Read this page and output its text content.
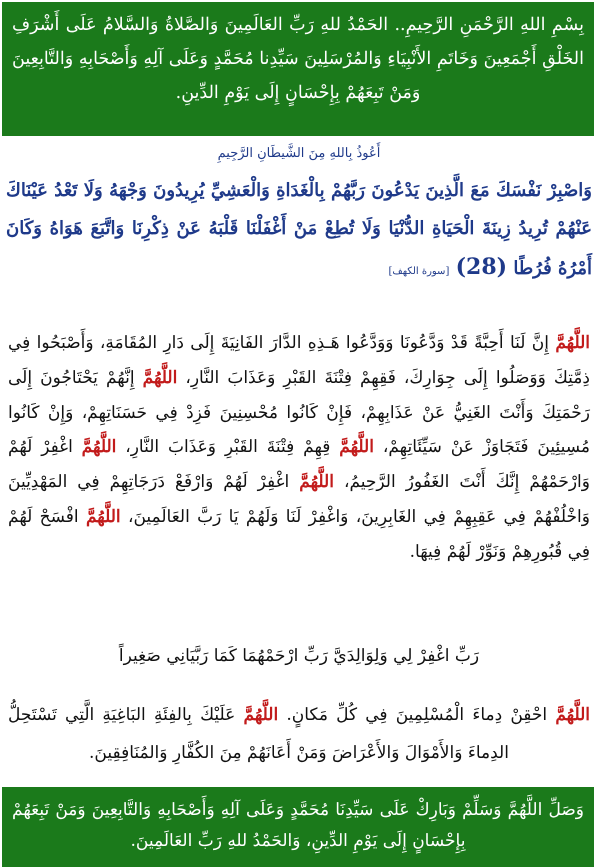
بِسْمِ اللهِ الرَّحْمَنِ الرَّحِيمِ.. الحَمْدُ للهِ رَبِّ العَالَمِينَ وَالصَّلاةُ وَالسَّلامُ عَلَى أَشْرَفِ الخَلْقِ أَجْمَعِينَ وَخَاتَمِ الأَنْبِيَاءِ وَالمُرْسَلِينَ سَيِّدِنا مُحَمَّدٍ وَعَلَى آلِهِ وَأَصْحَابِهِ وَالتَّابِعِينَ وَمَنْ تَبِعَهُمْ بِإِحْسَانٍ إِلَى يَوْمِ الدِّينِ.
أَعُوذُ بِاللهِ مِنَ الشَّيطَانِ الرَّجِيمِ
وَاصْبِرْ نَفْسَكَ مَعَ الَّذِينَ يَدْعُونَ رَبَّهُمْ بِالْغَدَاةِ وَالْعَشِيِّ يُرِيدُونَ وَجْهَهُ وَلَا تَعْدُ عَيْنَاكَ عَنْهُمْ تُرِيدُ زِينَةَ الْحَيَاةِ الدُّنْيَا وَلَا تُطِعْ مَنْ أَغْفَلْنَا قَلْبَهُ عَنْ ذِكْرِنَا وَاتَّبَعَ هَوَاهُ وَكَانَ أَمْرُهُ فُرُطًا (28) [سورة الكهف]
اللَّهُمَّ إِنَّ لَنَا أَحِبَّةً قَدْ وَدَّعُونَا وَوَدَّعُوا هَـذِهِ الدَّارَ الفَانِيَةَ إِلَى دَارِ المُقَامَةِ، وَأَصْبَحُوا فِي ذِمَّتِكَ وَوَصَلُوا إِلَى جِوَارِكَ، فَقِهِمْ فِتْنَةَ القَبْرِ وَعَذَابَ النَّارِ، اللَّهُمَّ إِنَّهُمْ يَحْتَاجُونَ إِلَى رَحْمَتِكَ وَأَنْتَ الغَنِيُّ عَنْ عَذَابِهِمْ، فَإِنْ كَانُوا مُحْسِنِينَ فَزِدْ فِي حَسَنَاتِهِمْ، وَإِنْ كَانُوا مُسِيئِينَ فَتَجَاوَزْ عَنْ سَيِّئَاتِهِمْ، اللَّهُمَّ قِهِمْ فِتْنَةَ القَبْرِ وَعَذَابَ النَّارِ، اللَّهُمَّ اغْفِرْ لَهُمْ وَارْحَمْهُمْ إِنَّكَ أَنْتَ الغَفُورُ الرَّحِيمُ، اللَّهُمَّ اغْفِرْ لَهُمْ وَارْفَعْ دَرَجَاتِهِمْ فِي المَهْدِيِّينَ وَاخْلُفْهُمْ فِي عَقِبِهِمْ فِي الغَابِرِينَ، وَاغْفِرْ لَنَا وَلَهُمْ يَا رَبَّ العَالَمِينَ، اللَّهُمَّ افْسَحْ لَهُمْ فِي قُبُورِهِمْ وَنَوِّرْ لَهُمْ فِيهَا.
رَبِّ اغْفِرْ لِي وَلِوَالِدَيَّ رَبِّ ارْحَمْهُمَا كَمَا رَبَّيَانِي صَغِيراً
اللَّهُمَّ احْقِنْ دِماءَ الْمُسْلِمِينَ فِي كُلِّ مَكانٍ. اللَّهُمَّ عَلَيْكَ بِالفِئَةِ البَاغِيَةِ الَّتِي تَسْتَحِلُّ الدِماءَ وَالأَمْوَالَ وَالأَعْرَاضَ وَمَنْ أَعَانَهُمْ مِنَ الكُفَّارِ وَالمُنَافِقِينَ.
وَصَلِّ اللَّهُمَّ وَسَلِّمْ وَبَارِكْ عَلَى سَيِّدِنَا مُحَمَّدٍ وَعَلَى آلِهِ وَأَصْحَابِهِ وَالتَّابِعِينَ وَمَنْ تَبِعَهُمْ بِإِحْسَانٍ إِلَى يَوْمِ الدِّينِ، وَالحَمْدُ للهِ رَبِّ العَالَمِينَ.
